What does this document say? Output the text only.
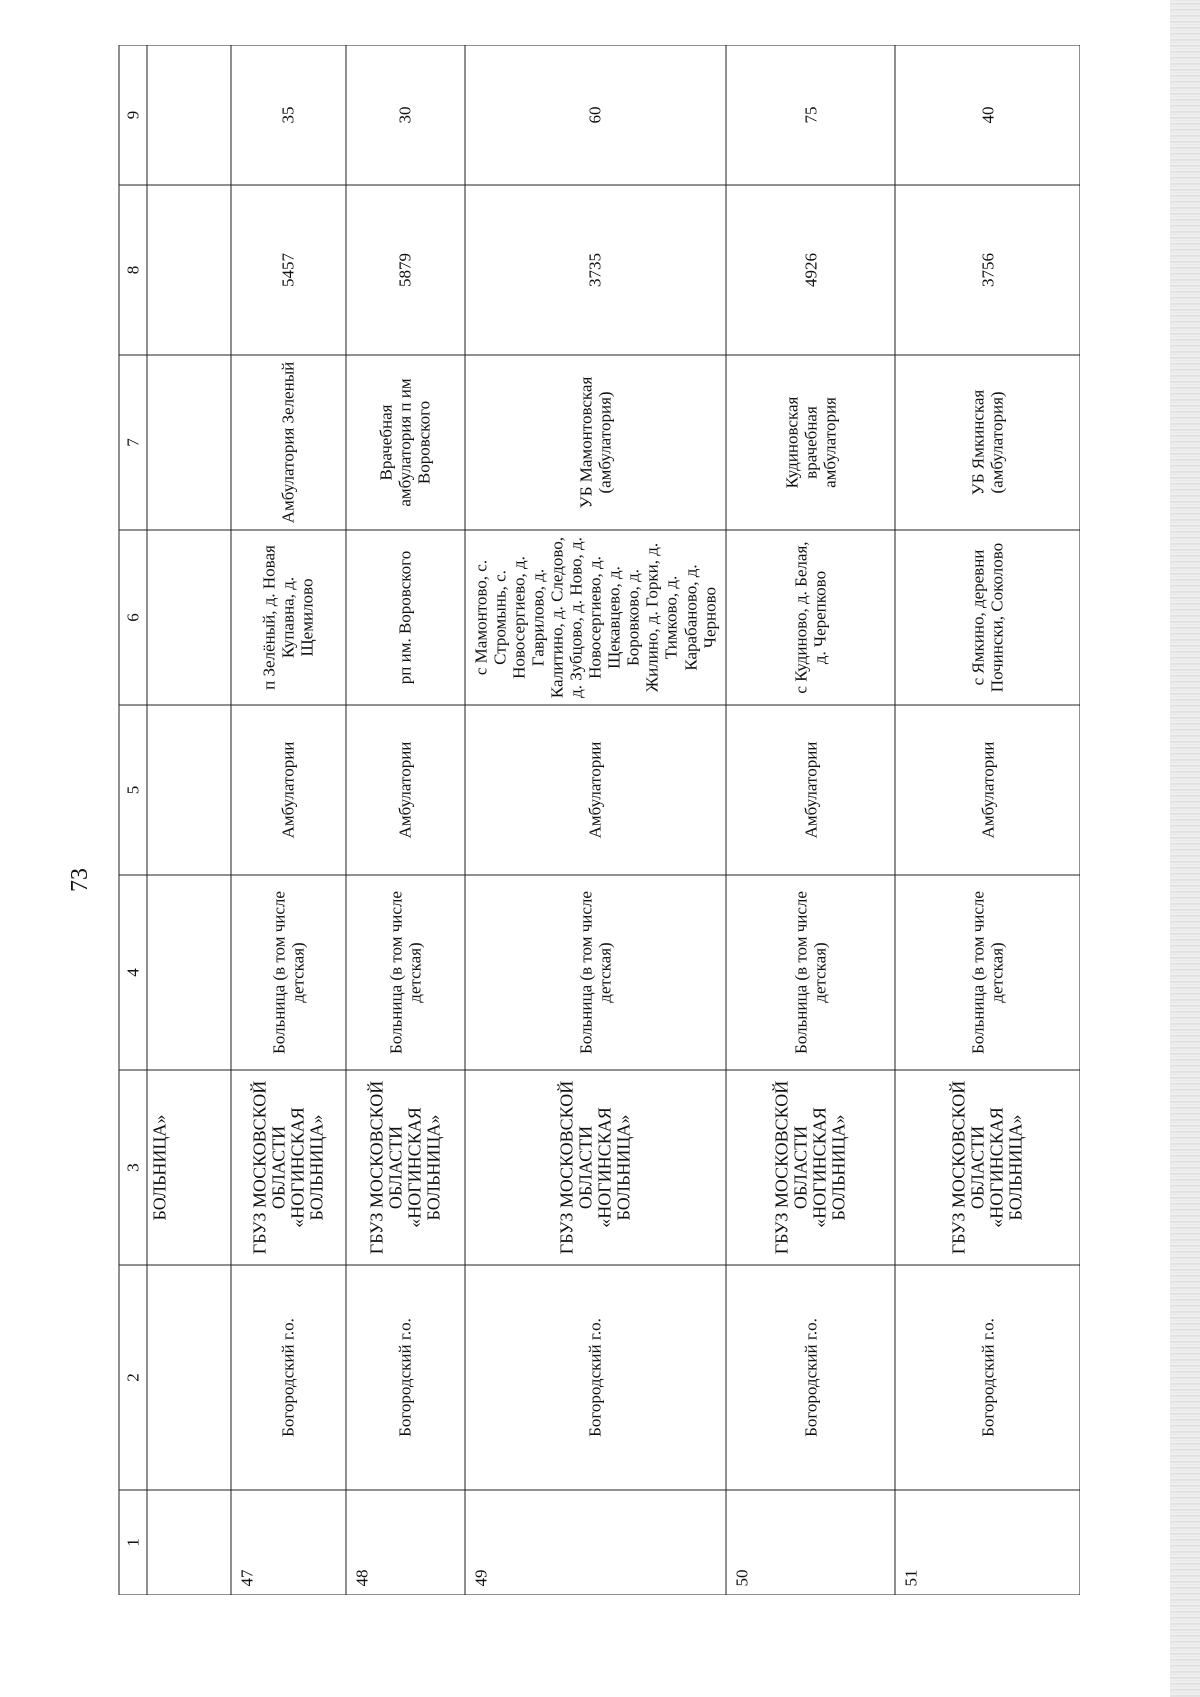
73
1	2	3	4	5	6	7	8	9
		БОЛЬНИЦА»						
47	Богородский г.о.	ГБУЗ МОСКОВСКОЙ ОБЛАСТИ «НОГИНСКАЯ БОЛЬНИЦА»	Больница (в том числе детская)	Амбулатории	п Зелёный, д. Новая Купавна, д. Щемилово	Амбулатория Зеленый	5457	35
48	Богородский г.о.	ГБУЗ МОСКОВСКОЙ ОБЛАСТИ «НОГИНСКАЯ БОЛЬНИЦА»	Больница (в том числе детская)	Амбулатории	рп им. Воровского	Врачебная амбулатория п им Воровского	5879	30
49	Богородский г.о.	ГБУЗ МОСКОВСКОЙ ОБЛАСТИ «НОГИНСКАЯ БОЛЬНИЦА»	Больница (в том числе детская)	Амбулатории	с Мамонтово, с. Стромынь, с. Новосергиево, д. Гаврилово, д. Калитино, д. Следово, д. Зубцово, д. Ново, д. Новосергиево, д. Щекавцево, д. Боровково, д. Жилино, д. Горки, д. Тимково, д. Карабаново, д. Черново	УБ Мамонтовская (амбулатория)	3735	60
50	Богородский г.о.	ГБУЗ МОСКОВСКОЙ ОБЛАСТИ «НОГИНСКАЯ БОЛЬНИЦА»	Больница (в том числе детская)	Амбулатории	с Кудиново, д. Белая, д. Черепково	Кудиновская врачебная амбулатория	4926	75
51	Богородский г.о.	ГБУЗ МОСКОВСКОЙ ОБЛАСТИ «НОГИНСКАЯ БОЛЬНИЦА»	Больница (в том числе детская)	Амбулатории	с Ямкино, деревни Почински, Соколово	УБ Ямкинская (амбулатория)	3756	40
